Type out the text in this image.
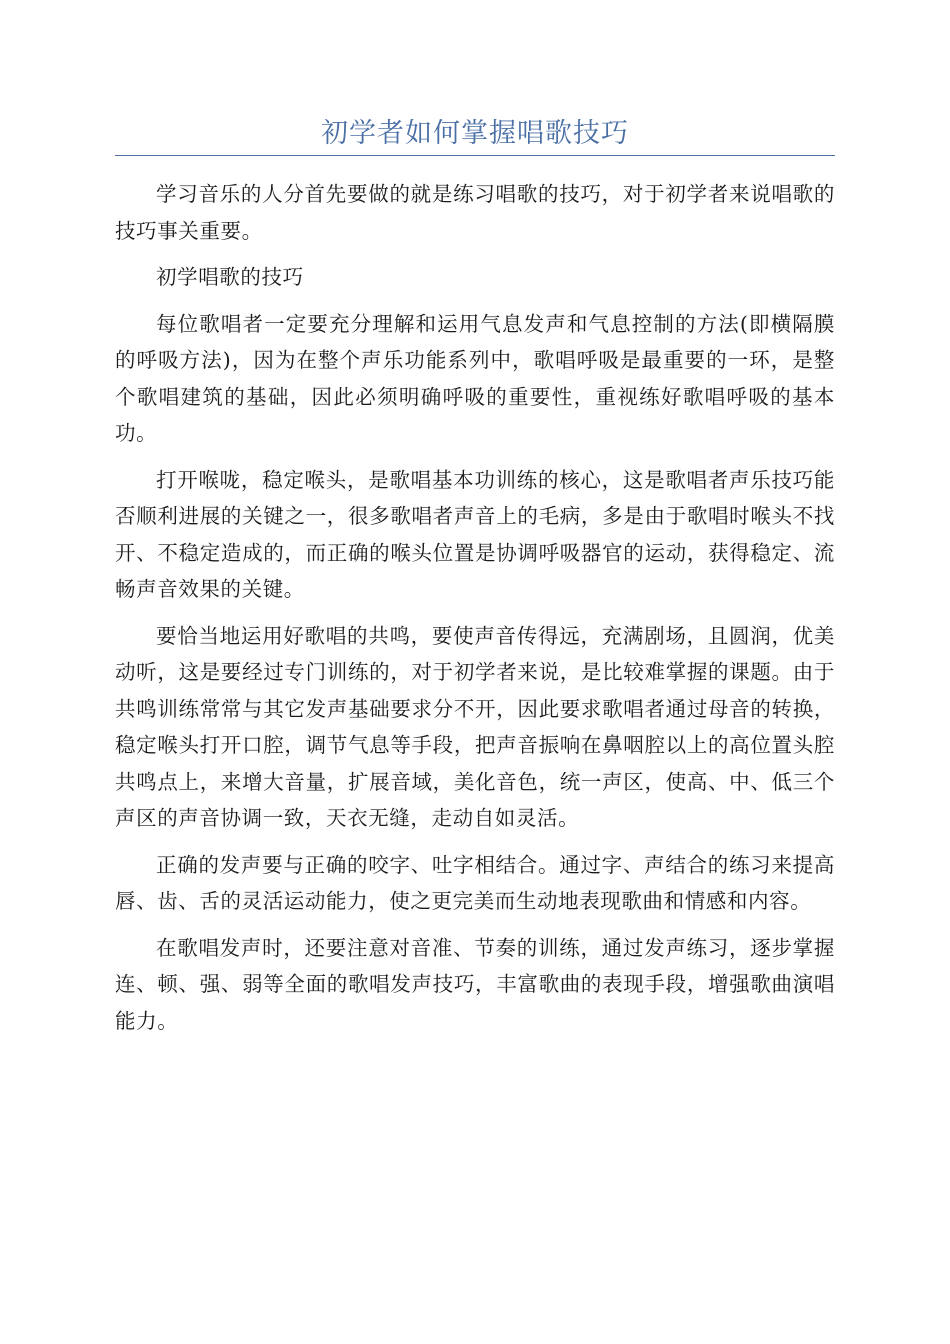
初学者如何掌握唱歌技巧

学习音乐的人分首先要做的就是练习唱歌的技巧，对于初学者来说唱歌的技巧事关重要。

初学唱歌的技巧

每位歌唱者一定要充分理解和运用气息发声和气息控制的方法(即横隔膜的呼吸方法)，因为在整个声乐功能系列中，歌唱呼吸是最重要的一环，是整个歌唱建筑的基础，因此必须明确呼吸的重要性，重视练好歌唱呼吸的基本功。

打开喉咙，稳定喉头，是歌唱基本功训练的核心，这是歌唱者声乐技巧能否顺利进展的关键之一，很多歌唱者声音上的毛病，多是由于歌唱时喉头不找开、不稳定造成的，而正确的喉头位置是协调呼吸器官的运动，获得稳定、流畅声音效果的关键。

要恰当地运用好歌唱的共鸣，要使声音传得远，充满剧场，且圆润，优美动听，这是要经过专门训练的，对于初学者来说，是比较难掌握的课题。由于共鸣训练常常与其它发声基础要求分不开，因此要求歌唱者通过母音的转换，稳定喉头打开口腔，调节气息等手段，把声音振响在鼻咽腔以上的高位置头腔共鸣点上，来增大音量，扩展音域，美化音色，统一声区，使高、中、低三个声区的声音协调一致，天衣无缝，走动自如灵活。

正确的发声要与正确的咬字、吐字相结合。通过字、声结合的练习来提高唇、齿、舌的灵活运动能力，使之更完美而生动地表现歌曲和情感和内容。

在歌唱发声时，还要注意对音准、节奏的训练，通过发声练习，逐步掌握连、顿、强、弱等全面的歌唱发声技巧，丰富歌曲的表现手段，增强歌曲演唱能力。
